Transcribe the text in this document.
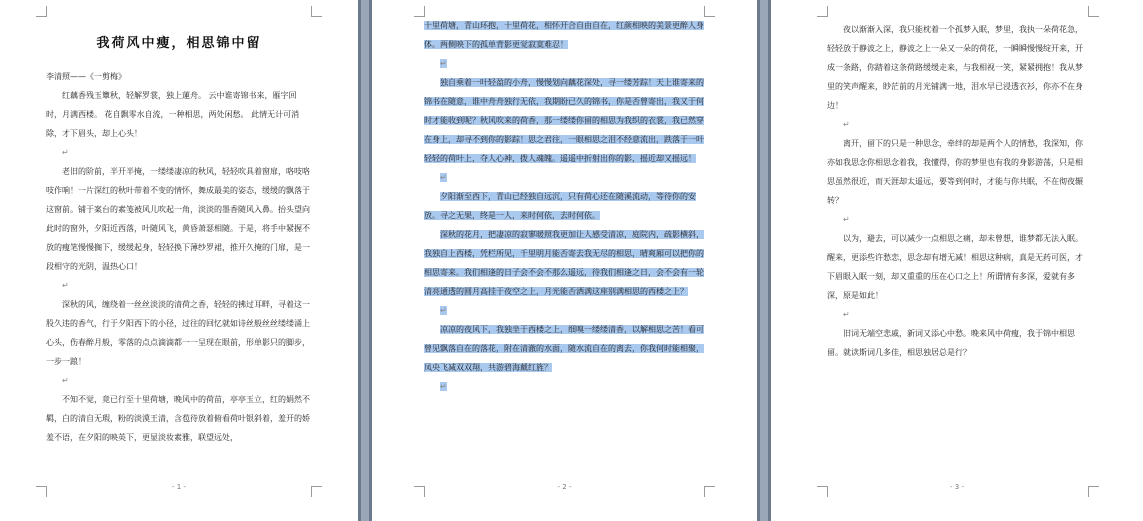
我荷风中瘦，相思锦中留
李清照——《一剪梅》
红藕香残玉簟秋，轻解罗裳，独上蓮舟。 云中谁寄锦书来，雁字回时，月满西楼。 花自飘零水自流，一种相思，两处闲愁。 此情无计可消除，才下眉头，却上心头！
↵
老旧的阶前，半开半掩，一缕缕凄凉的秋风，轻轻吹具着窗扉，咯吱咯吱作响！一片深红的秋叶带着不变的情怀，舞成最美的姿态，缓缓的飘落于这窗前。铺于案台的素笺被风儿吹起一角，淡淡的墨香随风入鼻。抬头望向此时的窗外，夕阳近西落，叶随风飞，黄昏萧瑟相随。于是，将手中紧握不放的瘦笔慢慢搁下，缓缓起身，轻轻换下薄纱罗裙，推开久掩的门扉，是一段相守的光阴，温热心口！
↵
深秋的风，缠绕着一丝丝淡淡的清荷之香，轻轻的拂过耳畔，寻着这一股久违的香气，行于夕阳西下的小径，过往的回忆就如诗丝般丝丝缕缕涌上心头，伤春醉月般，零落的点点滴滴都一一呈现在眼前，形单影只的脚步，一步一踉！
↵
不知不觉，竟已行至十里荷塘，晚风中的荷苗，亭亭玉立，红的娟然不羁，白的清自无瑕，粉的淡漠王清，含苞待放着俯看荷叶银斜着，羞开的娇羞不语，在夕阳的映英下，更显淡妆素雅，联望远处，
- 1 -
十里荷塘，青山环抱，十里荷花，相怀开合自由自在，红颜相映的美景更醉人身体。两侧映下的孤单背影更觉寂寞难忍！
↵
独自乘着一叶轻盈的小舟，慢慢划向藕花深处，寻一缕芳踪！天上谁寄来的锦书在随意，谁中舟舟独行无依，我期盼已久的锦书，你是否曾寄出，我又于何时才能收到呢？秋风吹来的荷香，那一缕缕你留的相思为我织的衣裳，我已然穿在身上，却寻不到你的影踪！思之君往，一眼相思之泪不经意流出，跌落于一叶轻轻的荷叶上，夺人心神，拨人魂魄。遥遥中折射出你的影，摇近却又摇远！
↵
夕阳渐至西下，青山已经独自远沉，只有荷心还在随溪流动，等待你的安放。寻之无果，终是一人，来时何依，去时何依。
深秋的花月，把凄凉的寂寥暖照我更加让人感受清凉，庭院内，疏影横斜，我独自上西楼，凭栏所见，千里明月能否寄去我无尽的相思，晴爽厢可以把你的相思寄来。我们相逢的日子会不会不那么遥远，待我们相逢之日，会不会有一轮清亮通透的圆月高挂于夜空之上，月光能否洒满这座别满相思的西楼之上？
↵
凉凉的夜风下，我独坐于西楼之上，细嗅一缕缕清香，以解相思之苦！看可曾见飘落自在的落花，附在清澈的水面，随水流自在的离去，你我何时能相聚，凤央飞减双双翔，共游碧海戴红旌？
↵
- 2 -
夜以渐渐入深，我只能枕着一个孤梦入眠，梦里，我执一朵荷花急，轻轻放于静波之上，静波之上一朵又一朵的荷花，一瞬瞬慢慢绽开来，开成一条路，你踏着这条荷路缓缓走来，与我相视一笑，紧紧拥抱！我从梦里的笑声醒来，眇茫前的月光铺满一地，泪水早已浸透衣衫，你亦不在身边！
↵
离开，留下的只是一种思念，牵绊的却是两个人的情愁，我深知，你亦如我思念你相思念着我，我懂得，你的梦里也有我的身影游荡，只是相思虽然很近，而天涯却太遥远，要等到何时，才能与你共眠，不在彻夜辗转？
↵
以为，避去，可以减少一点相思之痛，却未曾想，谁梦都无法入眠。醒来，更添些许愁恋，思念却有增无减！相思这种病，真是无药可医，才下眉眼入眠一刻，却又重重的压在心口之上！所谓情有多深，爱就有多深，原是如此！
↵
旧词无端空悲戚，新词又添心中愁。晚来风中荷瘦，我于锦中相思留。就读斯词几多佳，相思独居总是行？
- 3 -
